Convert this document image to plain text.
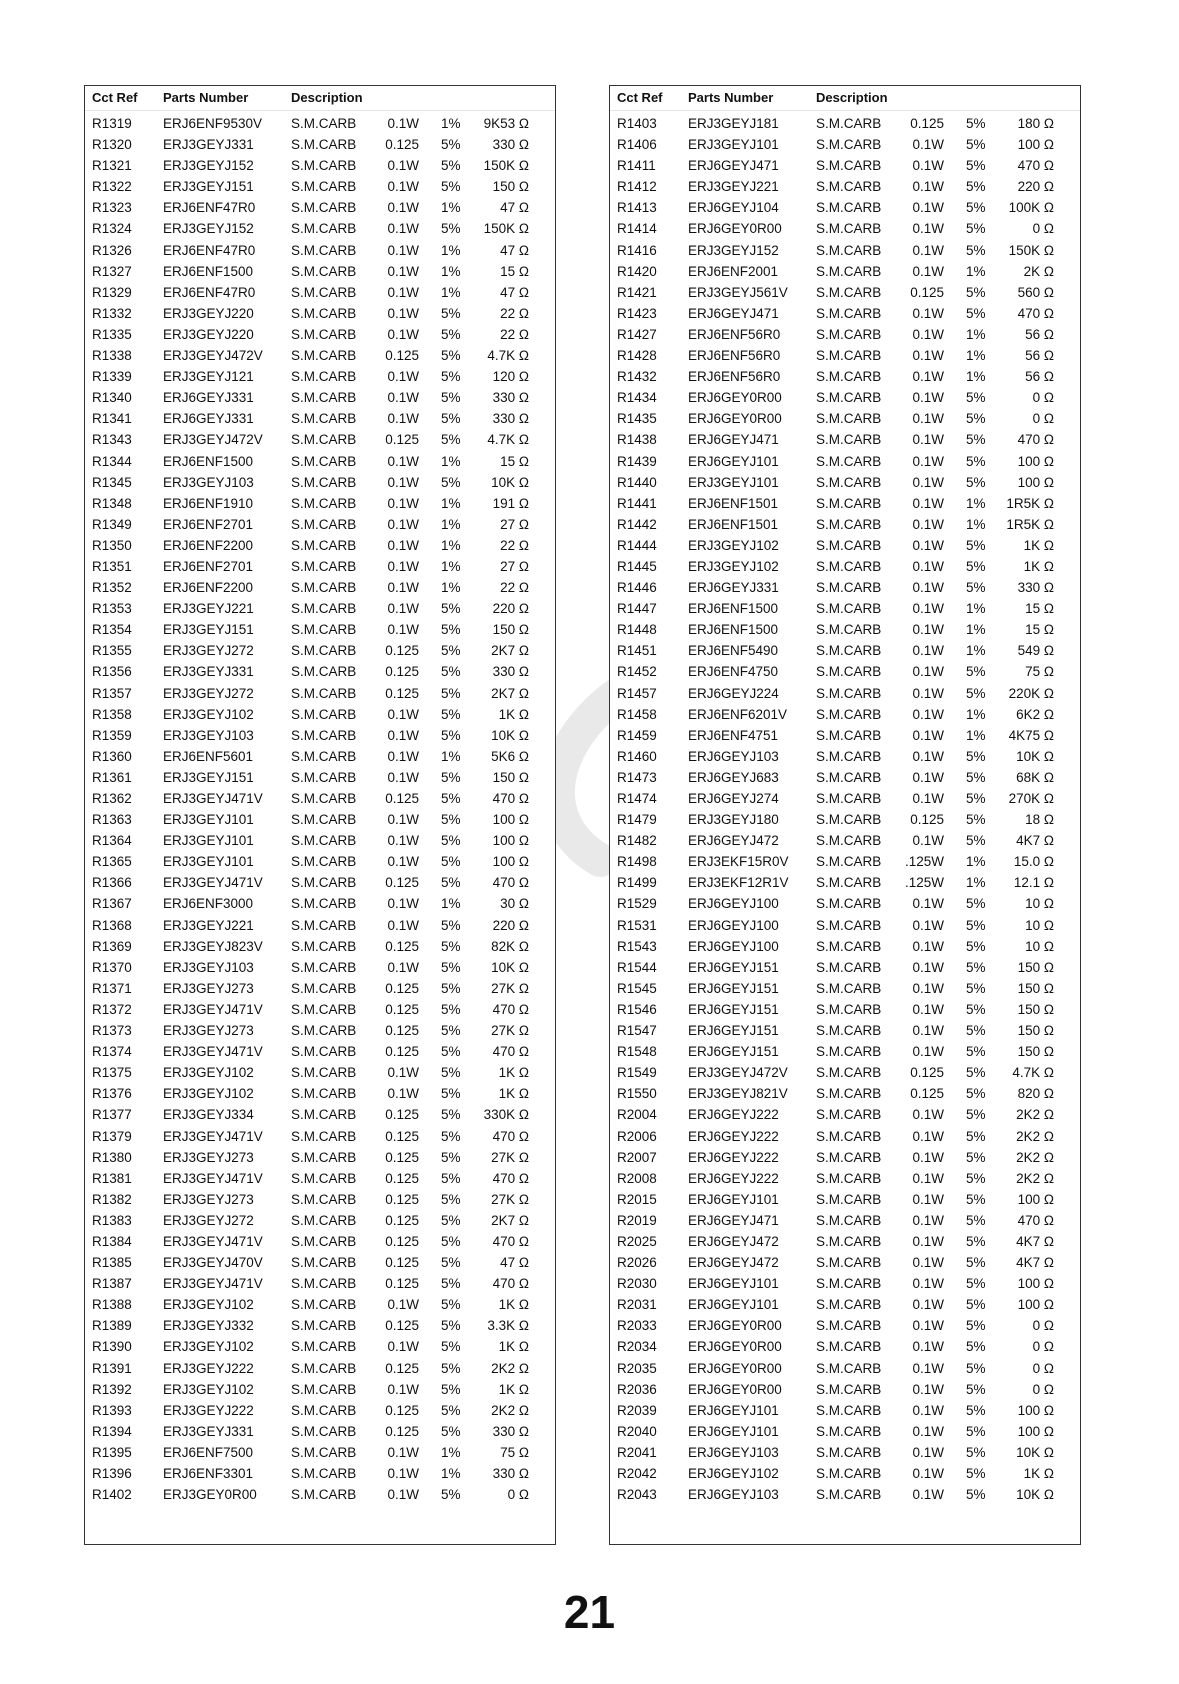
Cct Ref Parts Number	Description
R1319 ERJ6ENF9530V S.M.CARB	0.1W 1% 9K53 Ω
R1320 ERJ3GEYJ331	S.M.CARB	0.125 5% 330 Ω
R1321 ERJ3GEYJ152	S.M.CARB	0.1W 5% 150K Ω
R1322 ERJ3GEYJ151	S.M.CARB	0.1W 5% 150 Ω
R1323 ERJ6ENF47R0	S.M.CARB	0.1W 1%	47 Ω
R1324 ERJ3GEYJ152	S.M.CARB	0.1W 5% 150K Ω
R1326 ERJ6ENF47R0	S.M.CARB	0.1W 1%	47 Ω
R1327 ERJ6ENF1500	S.M.CARB	0.1W 1%	15 Ω
R1329 ERJ6ENF47R0	S.M.CARB	0.1W 1%	47 Ω
R1332 ERJ3GEYJ220	S.M.CARB	0.1W 5%	22 Ω
R1335 ERJ3GEYJ220	S.M.CARB	0.1W 5%	22 Ω
R1338 ERJ3GEYJ472V S.M.CARB	0.125 5% 4.7K Ω
R1339 ERJ3GEYJ121	S.M.CARB	0.1W 5% 120 Ω
R1340 ERJ6GEYJ331	S.M.CARB	0.1W 5% 330 Ω
R1341 ERJ6GEYJ331	S.M.CARB	0.1W 5% 330 Ω
R1343 ERJ3GEYJ472V S.M.CARB	0.125 5% 4.7K Ω
R1344 ERJ6ENF1500	S.M.CARB	0.1W 1%	15 Ω
R1345 ERJ3GEYJ103	S.M.CARB	0.1W 5% 10K Ω
R1348 ERJ6ENF1910	S.M.CARB	0.1W 1% 191 Ω
R1349 ERJ6ENF2701	S.M.CARB	0.1W 1%	27 Ω
R1350 ERJ6ENF2200	S.M.CARB	0.1W 1%	22 Ω
R1351 ERJ6ENF2701	S.M.CARB	0.1W 1%	27 Ω
R1352 ERJ6ENF2200	S.M.CARB	0.1W 1%	22 Ω
R1353 ERJ3GEYJ221	S.M.CARB	0.1W 5% 220 Ω
R1354 ERJ3GEYJ151	S.M.CARB	0.1W 5% 150 Ω
R1355 ERJ3GEYJ272	S.M.CARB	0.125 5% 2K7 Ω
R1356 ERJ3GEYJ331	S.M.CARB	0.125 5% 330 Ω
R1357 ERJ3GEYJ272	S.M.CARB	0.125 5% 2K7 Ω
R1358 ERJ3GEYJ102	S.M.CARB	0.1W 5%	1K Ω
R1359 ERJ3GEYJ103	S.M.CARB	0.1W 5% 10K Ω
R1360 ERJ6ENF5601	S.M.CARB	0.1W 1% 5K6 Ω
R1361 ERJ3GEYJ151	S.M.CARB	0.1W 5% 150 Ω
R1362 ERJ3GEYJ471V S.M.CARB	0.125 5% 470 Ω
R1363 ERJ3GEYJ101	S.M.CARB	0.1W 5% 100 Ω
R1364 ERJ3GEYJ101	S.M.CARB	0.1W 5% 100 Ω
R1365 ERJ3GEYJ101	S.M.CARB	0.1W 5% 100 Ω
R1366 ERJ3GEYJ471V S.M.CARB	0.125 5% 470 Ω
R1367 ERJ6ENF3000	S.M.CARB	0.1W 1%	30 Ω
R1368 ERJ3GEYJ221	S.M.CARB	0.1W 5% 220 Ω
R1369 ERJ3GEYJ823V S.M.CARB	0.125 5% 82K Ω
R1370 ERJ3GEYJ103	S.M.CARB	0.1W 5% 10K Ω
R1371 ERJ3GEYJ273	S.M.CARB	0.125 5% 27K Ω
R1372 ERJ3GEYJ471V S.M.CARB	0.125 5% 470 Ω
R1373 ERJ3GEYJ273	S.M.CARB	0.125 5% 27K Ω
R1374 ERJ3GEYJ471V S.M.CARB	0.125 5% 470 Ω
R1375 ERJ3GEYJ102	S.M.CARB	0.1W 5%	1K Ω
R1376 ERJ3GEYJ102	S.M.CARB	0.1W 5%	1K Ω
R1377 ERJ3GEYJ334	S.M.CARB	0.125 5% 330K Ω
R1379 ERJ3GEYJ471V S.M.CARB	0.125 5% 470 Ω
R1380 ERJ3GEYJ273	S.M.CARB	0.125 5% 27K Ω
R1381 ERJ3GEYJ471V S.M.CARB	0.125 5% 470 Ω
R1382 ERJ3GEYJ273	S.M.CARB	0.125 5% 27K Ω
R1383 ERJ3GEYJ272	S.M.CARB	0.125 5% 2K7 Ω
R1384 ERJ3GEYJ471V S.M.CARB	0.125 5% 470 Ω
R1385 ERJ3GEYJ470V S.M.CARB	0.125 5%	47 Ω
R1387 ERJ3GEYJ471V S.M.CARB	0.125 5% 470 Ω
R1388 ERJ3GEYJ102	S.M.CARB	0.1W 5%	1K Ω
R1389 ERJ3GEYJ332	S.M.CARB	0.125 5% 3.3K Ω
R1390 ERJ3GEYJ102	S.M.CARB	0.1W 5%	1K Ω
R1391 ERJ3GEYJ222	S.M.CARB	0.125 5% 2K2 Ω
R1392 ERJ3GEYJ102	S.M.CARB	0.1W 5%	1K Ω
R1393 ERJ3GEYJ222	S.M.CARB	0.125 5% 2K2 Ω
R1394 ERJ3GEYJ331	S.M.CARB	0.125 5% 330 Ω
R1395 ERJ6ENF7500	S.M.CARB	0.1W 1%	75 Ω
R1396 ERJ6ENF3301	S.M.CARB	0.1W 1% 330 Ω
R1402 ERJ3GEY0R00	S.M.CARB	0.1W 5%	0 Ω
Cct Ref Parts Number	Description
R1403 ERJ3GEYJ181	S.M.CARB	0.125 5% 180 Ω
R1406 ERJ3GEYJ101	S.M.CARB	0.1W 5% 100 Ω
R1411 ERJ6GEYJ471	S.M.CARB	0.1W 5% 470 Ω
R1412 ERJ3GEYJ221	S.M.CARB	0.1W 5% 220 Ω
R1413 ERJ6GEYJ104	S.M.CARB	0.1W 5% 100K Ω
R1414 ERJ6GEY0R00	S.M.CARB	0.1W 5%	0 Ω
R1416 ERJ3GEYJ152	S.M.CARB	0.1W 5% 150K Ω
R1420 ERJ6ENF2001	S.M.CARB	0.1W 1%	2K Ω
R1421 ERJ3GEYJ561V S.M.CARB	0.125 5% 560 Ω
R1423 ERJ6GEYJ471	S.M.CARB	0.1W 5% 470 Ω
R1427 ERJ6ENF56R0	S.M.CARB	0.1W 1%	56 Ω
R1428 ERJ6ENF56R0	S.M.CARB	0.1W 1%	56 Ω
R1432 ERJ6ENF56R0	S.M.CARB	0.1W 1%	56 Ω
R1434 ERJ6GEY0R00	S.M.CARB	0.1W 5%	0 Ω
R1435 ERJ6GEY0R00	S.M.CARB	0.1W 5%	0 Ω
R1438 ERJ6GEYJ471	S.M.CARB	0.1W 5% 470 Ω
R1439 ERJ6GEYJ101	S.M.CARB	0.1W 5% 100 Ω
R1440 ERJ3GEYJ101	S.M.CARB	0.1W 5% 100 Ω
R1441 ERJ6ENF1501	S.M.CARB	0.1W 1% 1R5K Ω
R1442 ERJ6ENF1501	S.M.CARB	0.1W 1% 1R5K Ω
R1444 ERJ3GEYJ102	S.M.CARB	0.1W 5%	1K Ω
R1445 ERJ3GEYJ102	S.M.CARB	0.1W 5%	1K Ω
R1446 ERJ6GEYJ331	S.M.CARB	0.1W 5% 330 Ω
R1447 ERJ6ENF1500	S.M.CARB	0.1W 1%	15 Ω
R1448 ERJ6ENF1500	S.M.CARB	0.1W 1%	15 Ω
R1451 ERJ6ENF5490	S.M.CARB	0.1W 1% 549 Ω
R1452 ERJ6ENF4750	S.M.CARB	0.1W 5%	75 Ω
R1457 ERJ6GEYJ224	S.M.CARB	0.1W 5% 220K Ω
R1458 ERJ6ENF6201V S.M.CARB	0.1W 1% 6K2 Ω
R1459 ERJ6ENF4751	S.M.CARB	0.1W 1% 4K75 Ω
R1460 ERJ6GEYJ103	S.M.CARB	0.1W 5% 10K Ω
R1473 ERJ6GEYJ683	S.M.CARB	0.1W 5% 68K Ω
R1474 ERJ6GEYJ274	S.M.CARB	0.1W 5% 270K Ω
R1479 ERJ3GEYJ180	S.M.CARB	0.125 5%	18 Ω
R1482 ERJ6GEYJ472	S.M.CARB	0.1W 5% 4K7 Ω
R1498 ERJ3EKF15R0V S.M.CARB	.125W 1% 15.0 Ω
R1499 ERJ3EKF12R1V S.M.CARB	.125W 1% 12.1 Ω
R1529 ERJ6GEYJ100	S.M.CARB	0.1W 5%	10 Ω
R1531 ERJ6GEYJ100	S.M.CARB	0.1W 5%	10 Ω
R1543 ERJ6GEYJ100	S.M.CARB	0.1W 5%	10 Ω
R1544 ERJ6GEYJ151	S.M.CARB	0.1W 5% 150 Ω
R1545 ERJ6GEYJ151	S.M.CARB	0.1W 5% 150 Ω
R1546 ERJ6GEYJ151	S.M.CARB	0.1W 5% 150 Ω
R1547 ERJ6GEYJ151	S.M.CARB	0.1W 5% 150 Ω
R1548 ERJ6GEYJ151	S.M.CARB	0.1W 5% 150 Ω
R1549 ERJ3GEYJ472V S.M.CARB	0.125 5% 4.7K Ω
R1550 ERJ3GEYJ821V S.M.CARB	0.125 5% 820 Ω
R2004 ERJ6GEYJ222	S.M.CARB	0.1W 5% 2K2 Ω
R2006 ERJ6GEYJ222	S.M.CARB	0.1W 5% 2K2 Ω
R2007 ERJ6GEYJ222	S.M.CARB	0.1W 5% 2K2 Ω
R2008 ERJ6GEYJ222	S.M.CARB	0.1W 5% 2K2 Ω
R2015 ERJ6GEYJ101	S.M.CARB	0.1W 5% 100 Ω
R2019 ERJ6GEYJ471	S.M.CARB	0.1W 5% 470 Ω
R2025 ERJ6GEYJ472	S.M.CARB	0.1W 5% 4K7 Ω
R2026 ERJ6GEYJ472	S.M.CARB	0.1W 5% 4K7 Ω
R2030 ERJ6GEYJ101	S.M.CARB	0.1W 5% 100 Ω
R2031 ERJ6GEYJ101	S.M.CARB	0.1W 5% 100 Ω
R2033 ERJ6GEY0R00	S.M.CARB	0.1W 5%	0 Ω
R2034 ERJ6GEY0R00	S.M.CARB	0.1W 5%	0 Ω
R2035 ERJ6GEY0R00	S.M.CARB	0.1W 5%	0 Ω
R2036 ERJ6GEY0R00	S.M.CARB	0.1W 5%	0 Ω
R2039 ERJ6GEYJ101	S.M.CARB	0.1W 5% 100 Ω
R2040 ERJ6GEYJ101	S.M.CARB	0.1W 5% 100 Ω
R2041 ERJ6GEYJ103	S.M.CARB	0.1W 5% 10K Ω
R2042 ERJ6GEYJ102	S.M.CARB	0.1W 5%	1K Ω
R2043 ERJ6GEYJ103	S.M.CARB	0.1W 5% 10K Ω
21
